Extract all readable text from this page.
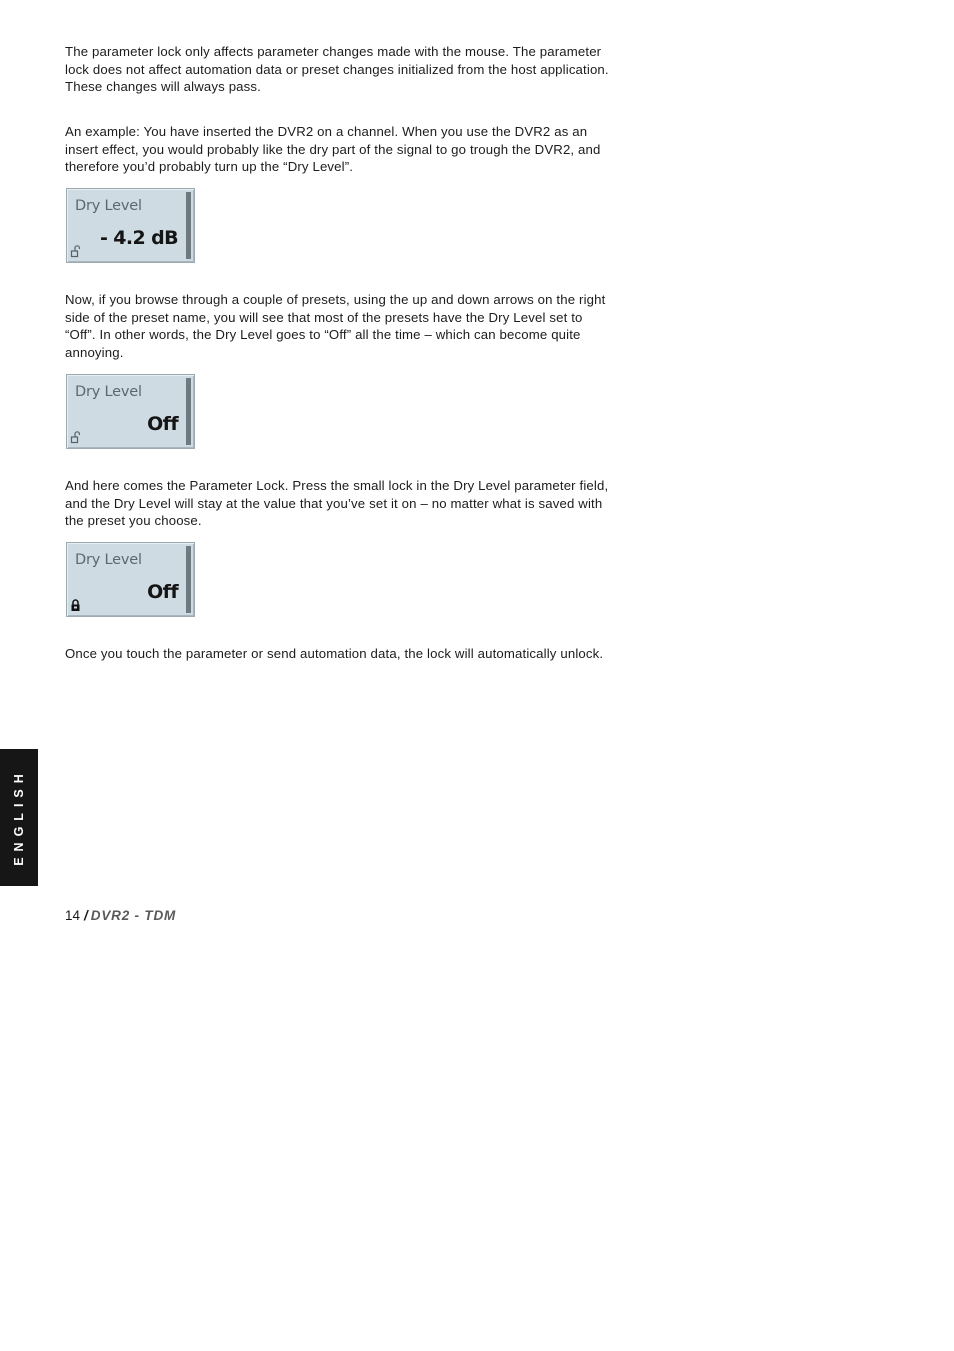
The parameter lock only affects parameter changes made with the mouse. The parameter lock does not affect automation data or preset changes initialized from the host application. These changes will always pass.

An example: You have inserted the DVR2 on a channel. When you use the DVR2 as an insert effect, you would probably like the dry part of the signal to go trough the DVR2, and therefore you’d probably turn up the “Dry Level”.

Dry Level
- 4.2 dB

Now, if you browse through a couple of presets, using the up and down arrows on the right side of the preset name, you will see that most of the presets have the Dry Level set to “Off”. In other words, the Dry Level goes to “Off” all the time – which can become quite annoying.

Dry Level
Off

And here comes the Parameter Lock. Press the small lock in the Dry Level parameter field, and the Dry Level will stay at the value that you’ve set it on – no matter what is saved with the preset you choose.

Dry Level
Off

Once you touch the parameter or send automation data, the lock will automatically unlock.

ENGLISH
14 / DVR2 - TDM
